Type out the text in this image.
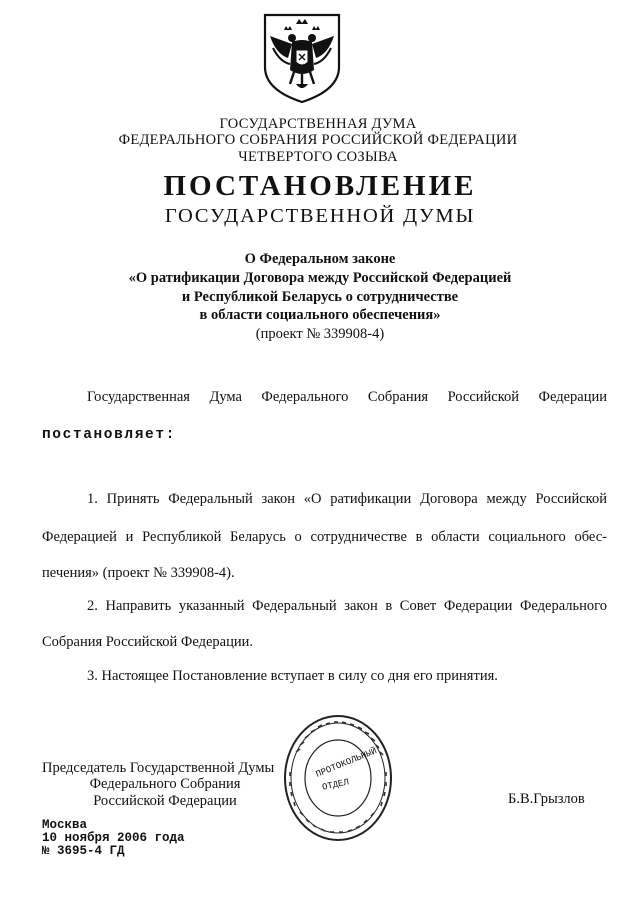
ГОСУДАРСТВЕННАЯ ДУМА
ФЕДЕРАЛЬНОГО СОБРАНИЯ РОССИЙСКОЙ ФЕДЕРАЦИИ
ЧЕТВЕРТОГО СОЗЫВА
ПОСТАНОВЛЕНИЕ
ГОСУДАРСТВЕННОЙ ДУМЫ
О Федеральном законе
«О ратификации Договора между Российской Федерацией
и Республикой Беларусь о сотрудничестве
в области социального обеспечения»
(проект № 339908-4)
Государственная Дума Федерального Собрания Российской Федерации
постановляет:
1. Принять Федеральный закон «О ратификации Договора между Российской
Федерацией и Республикой Беларусь о сотрудничестве в области социального обес-
печения» (проект № 339908-4).
2. Направить указанный Федеральный закон в Совет Федерации Федерального
Собрания Российской Федерации.
3. Настоящее Постановление вступает в силу со дня его принятия.
ПРОТОКОЛЬНЫЙ
ОТДЕЛ
Председатель Государственной Думы
Федерального Собрания
Российской Федерации	Б.В.Грызлов
Москва
10 ноября 2006 года
№ 3695-4 ГД
